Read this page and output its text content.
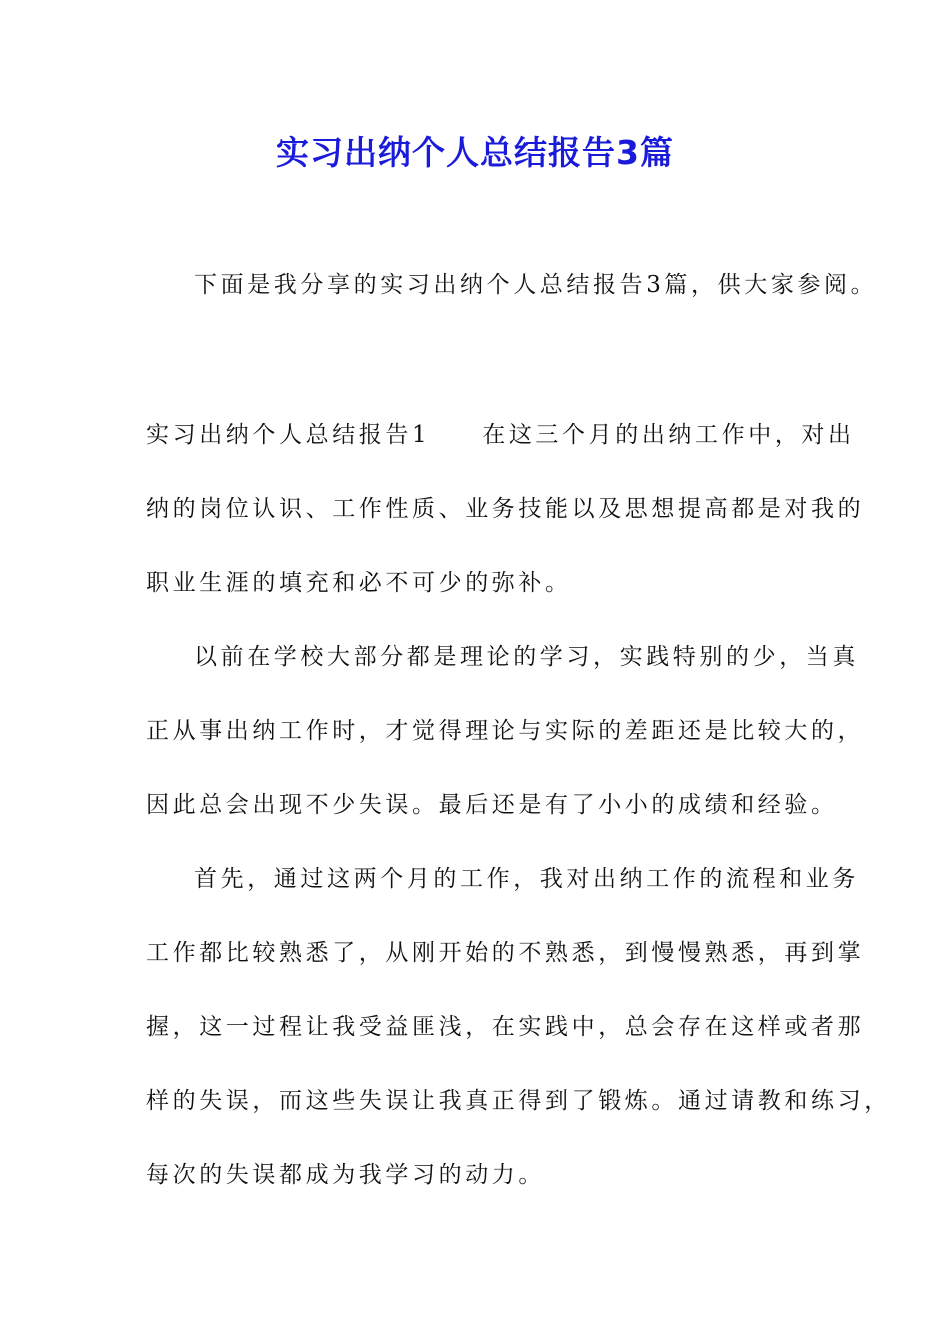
实习出纳个人总结报告3篇

下面是我分享的实习出纳个人总结报告3篇，供大家参阅。

实习出纳个人总结报告1 在这三个月的出纳工作中，对出
纳的岗位认识、工作性质、业务技能以及思想提高都是对我的
职业生涯的填充和必不可少的弥补。
以前在学校大部分都是理论的学习，实践特别的少，当真
正从事出纳工作时，才觉得理论与实际的差距还是比较大的，
因此总会出现不少失误。最后还是有了小小的成绩和经验。
首先，通过这两个月的工作，我对出纳工作的流程和业务
工作都比较熟悉了，从刚开始的不熟悉，到慢慢熟悉，再到掌
握，这一过程让我受益匪浅，在实践中，总会存在这样或者那
样的失误，而这些失误让我真正得到了锻炼。通过请教和练习，
每次的失误都成为我学习的动力。
